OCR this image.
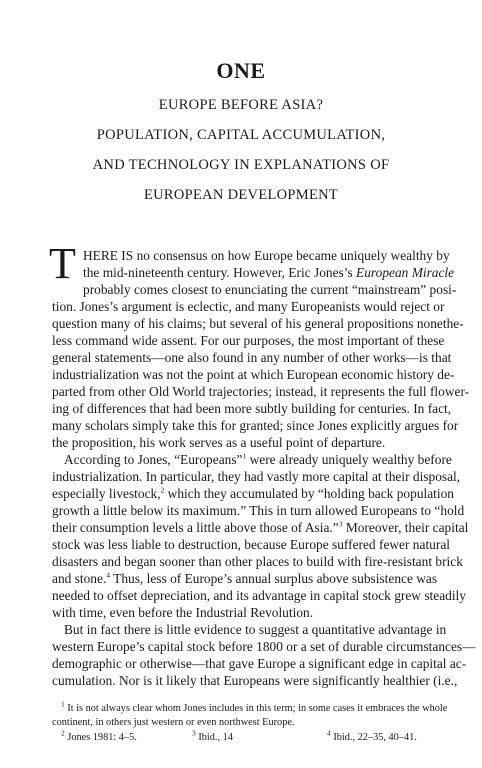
ONE
EUROPE BEFORE ASIA?
POPULATION, CAPITAL ACCUMULATION,
AND TECHNOLOGY IN EXPLANATIONS OF
EUROPEAN DEVELOPMENT
T HERE IS no consensus on how Europe became uniquely wealthy by
the mid-nineteenth century. However, Eric Jones’s European Miracle
probably comes closest to enunciating the current “mainstream” posi-
tion. Jones’s argument is eclectic, and many Europeanists would reject or
question many of his claims; but several of his general propositions nonethe-
less command wide assent. For our purposes, the most important of these
general statements—one also found in any number of other works—is that
industrialization was not the point at which European economic history de-
parted from other Old World trajectories; instead, it represents the full flower-
ing of differences that had been more subtly building for centuries. In fact,
many scholars simply take this for granted; since Jones explicitly argues for
the proposition, his work serves as a useful point of departure.
According to Jones, “Europeans”$^1$ were already uniquely wealthy before
industrialization. In particular, they had vastly more capital at their disposal,
especially livestock,$^2$ which they accumulated by “holding back population
growth a little below its maximum.” This in turn allowed Europeans to “hold
their consumption levels a little above those of Asia.”$^3$ Moreover, their capital
stock was less liable to destruction, because Europe suffered fewer natural
disasters and began sooner than other places to build with fire-resistant brick
and stone.$^4$ Thus, less of Europe’s annual surplus above subsistence was
needed to offset depreciation, and its advantage in capital stock grew steadily
with time, even before the Industrial Revolution.
But in fact there is little evidence to suggest a quantitative advantage in
western Europe’s capital stock before 1800 or a set of durable circumstances—
demographic or otherwise—that gave Europe a significant edge in capital ac-
cumulation. Nor is it likely that Europeans were significantly healthier (i.e.,
$^1$ It is not always clear whom Jones includes in this term; in some cases it embraces the whole
continent, in others just western or even northwest Europe.
$^2$ Jones 1981: 4–5.	$^3$ Ibid., 14	$^4$ Ibid., 22–35, 40–41.
